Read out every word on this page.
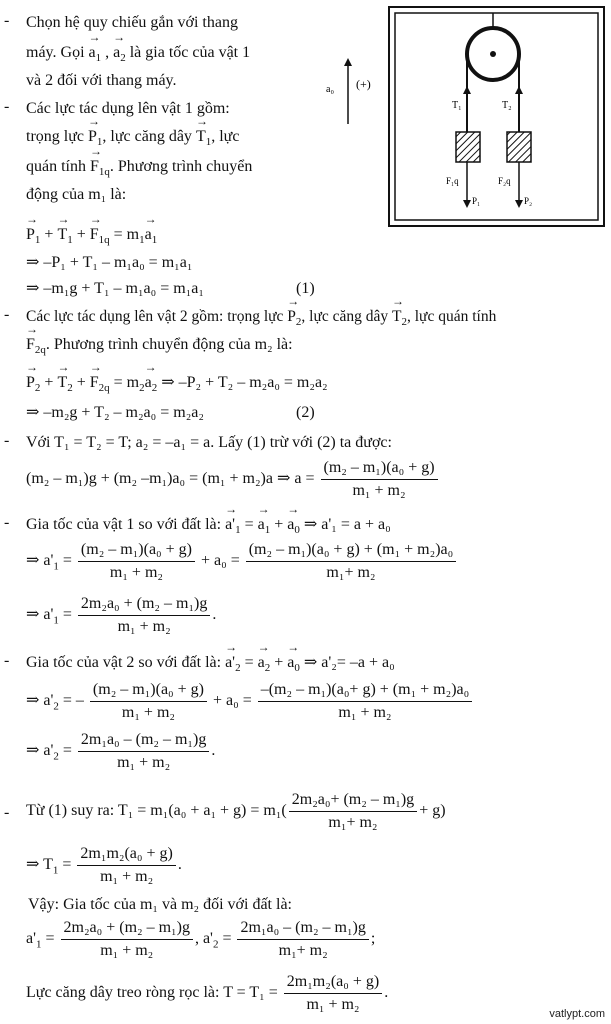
- Chọn hệ quy chiếu gắn với thang
máy. Gọi → $a_1$ , → $a_2$ là gia tốc của vật 1
và 2 đối với thang máy.
- Các lực tác dụng lên vật 1 gồm:
trọng lực → $P_1$, lực căng dây → $T_1$, lực
quán tính → $F_{1q}$. Phương trình chuyển
động của m₁ là:
→ $P_1$ + → $T_1$ + → $F_{1q} = m_1\to a_1$
⇒ –P₁ + T₁ – m₁a₀ = m₁a₁
⇒ –m₁g + T₁ – m₁a₀ = m₁a₁	(1)
T₁	T₂
F₁q	F₂q
P₁	P₂
a₀ (+)
- Các lực tác dụng lên vật 2 gồm: trọng lực → $P_2$, lực căng dây → $T_2$, lực quán tính
→ $F_{2q}$. Phương trình chuyển động của m₂ là:
→ $P_2$ + → $T_2$ + → $F_{2q} = m_2\to a_2$ ⇒ –P₂ + T₂ – m₂a₀ = m₂a₂
⇒ –m₂g + T₂ – m₂a₀ = m₂a₂	(2)
- Với T₁ = T₂ = T; a₂ = –a₁ = a. Lấy (1) trừ với (2) ta được:
(m₂ – m₁)g + (m₂ –m₁)a₀ = (m₁ + m₂)a ⇒ $a = \frac{\text{(m₂ – m₁)(a₀ + g)}}{\text{m₁ + m₂}}$
- Gia tốc của vật 1 so với đất là: → $a'_1$ = → $a_1$ + → $a_0$ ⇒ a'₁ = a + a₀
⇒ $a'_1 = \frac{\text{(m₂ – m₁)(a₀ + g)}}{\text{m₁ + m₂}} + a_0 = \frac{\text{(m₂ – m₁)(a₀ + g) + (m₁ + m₂)a₀}}{\text{m₁+ m₂}}$
⇒ $a'_1 = \frac{\text{2m₂a₀ + (m₂ – m₁)g}}{\text{m₁ + m₂}}$ .
- Gia tốc của vật 2 so với đất là: → $a'_2$ = → $a_2$ + → $a_0$ ⇒ a'₂= –a + a₀
⇒ $a'_2$ = – $\frac{\text{(m₂ – m₁)(a₀ + g)}}{\text{m₁ + m₂}} + a_0 = \frac{\text{–(m₂ – m₁)(a₀+ g) + (m₁ + m₂)a₀}}{\text{m₁ + m₂}}$
⇒ $a'_2 = \frac{\text{2m₁a₀ – (m₂ – m₁)g}}{\text{m₁ + m₂}}$ .
- Từ (1) suy ra: $T_1 = m_1(a_0 + a_1 + g) = m_1( \frac{\text{2m₂a₀+ (m₂ – m₁)g}}{\text{m₁+ m₂}} + g)$
⇒ $T_1 = \frac{\text{2m₁m₂(a₀ + g)}}{\text{m₁ + m₂}}$ .
Vậy: Gia tốc của m₁ và m₂ đối với đất là:
$a'_1 = \frac{\text{2m₂a₀ + (m₂ – m₁)g}}{\text{m₁ + m₂}}$ , $a'_2 = \frac{\text{2m₁a₀ – (m₂ – m₁)g}}{\text{m₁+ m₂}}$ ;
Lực căng dây treo ròng rọc là: $T = T_1 = \frac{\text{2m₁m₂(a₀ + g)}}{\text{m₁ + m₂}}$ .
vatlypt.com
